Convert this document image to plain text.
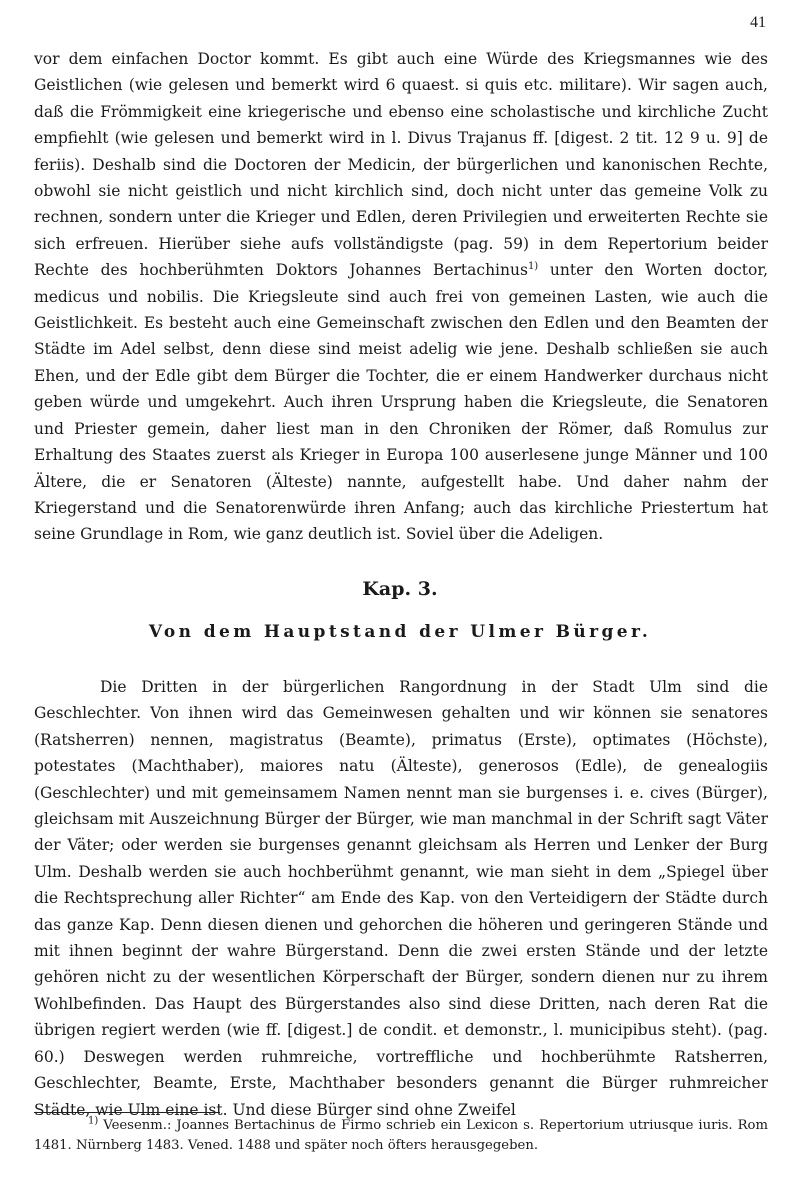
41

vor dem einfachen Doctor kommt. Es gibt auch eine Würde des Kriegsmannes wie des Geistlichen (wie gelesen und bemerkt wird 6 quaest. si quis etc. militare). Wir sagen auch, daß die Frömmigkeit eine kriegerische und ebenso eine scholastische und kirchliche Zucht empfiehlt (wie gelesen und bemerkt wird in l. Divus Trajanus ff. [digest. 2 tit. 12 9 u. 9] de feriis). Deshalb sind die Doctoren der Medicin, der bürgerlichen und kanonischen Rechte, obwohl sie nicht geistlich und nicht kirchlich sind, doch nicht unter das gemeine Volk zu rechnen, sondern unter die Krieger und Edlen, deren Privilegien und erweiterten Rechte sie sich erfreuen. Hierüber siehe aufs vollständigste (pag. 59) in dem Repertorium beider Rechte des hochberühmten Doktors Johannes Bertachinus$^{1)}$ unter den Worten doctor, medicus und nobilis. Die Kriegsleute sind auch frei von gemeinen Lasten, wie auch die Geistlichkeit. Es besteht auch eine Gemeinschaft zwischen den Edlen und den Beamten der Städte im Adel selbst, denn diese sind meist adelig wie jene. Deshalb schließen sie auch Ehen, und der Edle gibt dem Bürger die Tochter, die er einem Handwerker durchaus nicht geben würde und umgekehrt. Auch ihren Ursprung haben die Kriegsleute, die Senatoren und Priester gemein, daher liest man in den Chroniken der Römer, daß Romulus zur Erhaltung des Staates zuerst als Krieger in Europa 100 auserlesene junge Männer und 100 Ältere, die er Senatoren (Älteste) nannte, aufgestellt habe. Und daher nahm der Kriegerstand und die Senatorenwürde ihren Anfang; auch das kirchliche Priestertum hat seine Grundlage in Rom, wie ganz deutlich ist. Soviel über die Adeligen.

Kap. 3.
Von dem Hauptstand der Ulmer Bürger.

Die Dritten in der bürgerlichen Rangordnung in der Stadt Ulm sind die Geschlechter. Von ihnen wird das Gemeinwesen gehalten und wir können sie senatores (Ratsherren) nennen, magistratus (Beamte), primatus (Erste), optimates (Höchste), potestates (Machthaber), maiores natu (Älteste), generosos (Edle), de genealogiis (Geschlechter) und mit gemeinsamem Namen nennt man sie burgenses i. e. cives (Bürger), gleichsam mit Auszeichnung Bürger der Bürger, wie man manchmal in der Schrift sagt Väter der Väter; oder werden sie burgenses genannt gleichsam als Herren und Lenker der Burg Ulm. Deshalb werden sie auch hochberühmt genannt, wie man sieht in dem „Spiegel über die Rechtsprechung aller Richter“ am Ende des Kap. von den Verteidigern der Städte durch das ganze Kap. Denn diesen dienen und gehorchen die höheren und geringeren Stände und mit ihnen beginnt der wahre Bürgerstand. Denn die zwei ersten Stände und der letzte gehören nicht zu der wesentlichen Körperschaft der Bürger, sondern dienen nur zu ihrem Wohlbefinden. Das Haupt des Bürgerstandes also sind diese Dritten, nach deren Rat die übrigen regiert werden (wie ff. [digest.] de condit. et demonstr., l. municipibus steht). (pag. 60.) Deswegen werden ruhmreiche, vortreffliche und hochberühmte Ratsherren, Geschlechter, Beamte, Erste, Machthaber besonders genannt die Bürger ruhmreicher Städte, wie Ulm eine ist. Und diese Bürger sind ohne Zweifel

$^{1)}$ Veesenm.: Joannes Bertachinus de Firmo schrieb ein Lexicon s. Repertorium utriusque iuris. Rom 1481. Nürnberg 1483. Vened. 1488 und später noch öfters herausgegeben.
